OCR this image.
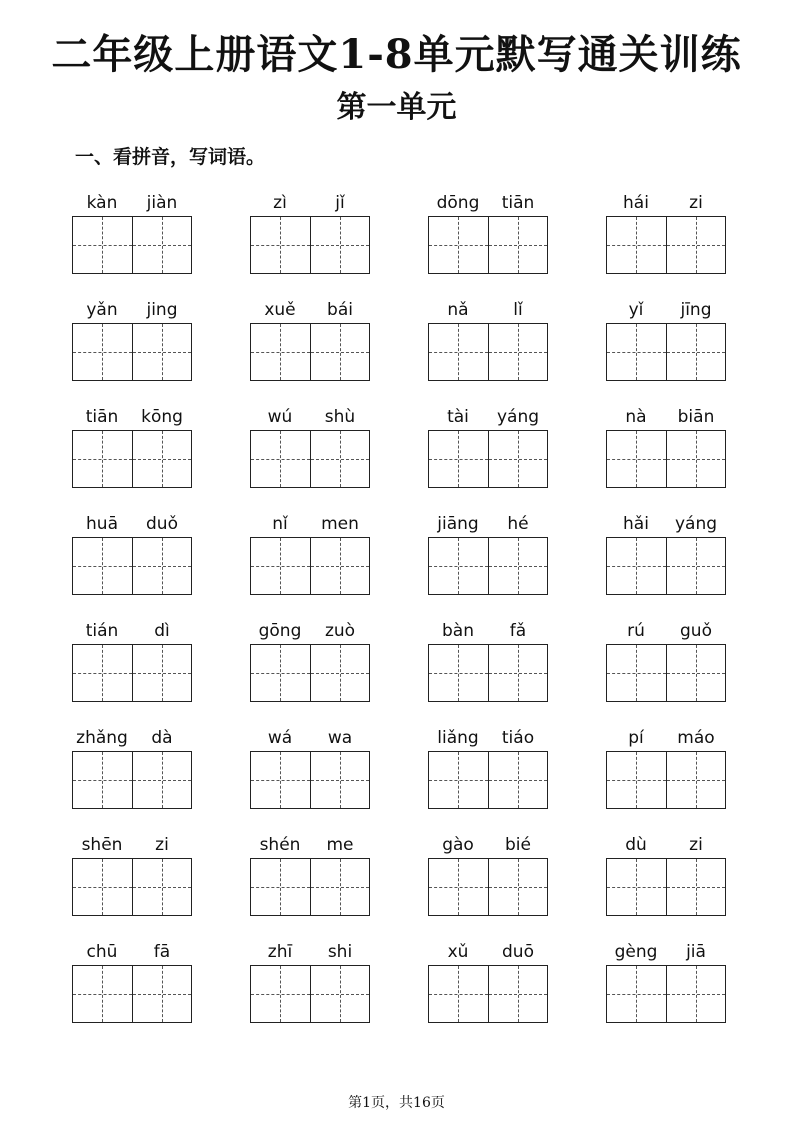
二年级上册语文1-8单元默写通关训练
第一单元
一、看拼音，写词语。
kàn	jiàn	zì	jǐ	dōng	tiān	hái	zi
yǎn	jing	xuě	bái	nǎ	lǐ	yǐ	jīng
tiān	kōng	wú	shù	tài	yáng	nà	biān
huā	duǒ	nǐ	men	jiāng	hé	hǎi	yáng
tián	dì	gōng	zuò	bàn	fǎ	rú	guǒ
zhǎng	dà	wá	wa	liǎng	tiáo	pí	máo
shēn	zi	shén	me	gào	bié	dù	zi
chū	fā	zhī	shi	xǔ	duō	gèng	jiā
第1页，共16页
